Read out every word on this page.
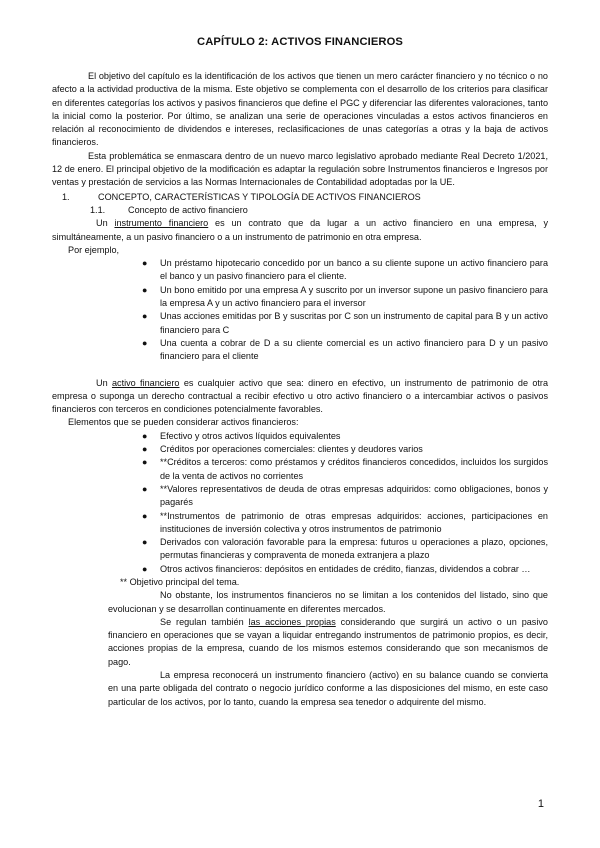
CAPÍTULO 2: ACTIVOS FINANCIEROS

El objetivo del capítulo es la identificación de los activos que tienen un mero carácter financiero y no técnico o no afecto a la actividad productiva de la misma. Este objetivo se complementa con el desarrollo de los criterios para clasificar en diferentes categorías los activos y pasivos financieros que define el PGC y diferenciar las diferentes valoraciones, tanto la inicial como la posterior. Por último, se analizan una serie de operaciones vinculadas a estos activos financieros en relación al reconocimiento de dividendos e intereses, reclasificaciones de unas categorías a otras y la baja de activos financieros.

Esta problemática se enmascara dentro de un nuevo marco legislativo aprobado mediante Real Decreto 1/2021, 12 de enero. El principal objetivo de la modificación es adaptar la regulación sobre Instrumentos financieros e Ingresos por ventas y prestación de servicios a las Normas Internacionales de Contabilidad adoptadas por la UE.

1.	CONCEPTO, CARACTERÍSTICAS Y TIPOLOGÍA DE ACTIVOS FINANCIEROS
1.1.	Concepto de activo financiero

Un instrumento financiero es un contrato que da lugar a un activo financiero en una empresa, y simultáneamente, a un pasivo financiero o a un instrumento de patrimonio en otra empresa.

Por ejemplo,

● Un préstamo hipotecario concedido por un banco a su cliente supone un activo financiero para el banco y un pasivo financiero para el cliente.
● Un bono emitido por una empresa A y suscrito por un inversor supone un pasivo financiero para la empresa A y un activo financiero para el inversor
● Unas acciones emitidas por B y suscritas por C son un instrumento de capital para B y un activo financiero para C
● Una cuenta a cobrar de D a su cliente comercial es un activo financiero para D y un pasivo financiero para el cliente

Un activo financiero es cualquier activo que sea: dinero en efectivo, un instrumento de patrimonio de otra empresa o suponga un derecho contractual a recibir efectivo u otro activo financiero o a intercambiar activos o pasivos financieros con terceros en condiciones potencialmente favorables.

Elementos que se pueden considerar activos financieros:

● Efectivo y otros activos líquidos equivalentes
● Créditos por operaciones comerciales: clientes y deudores varios
● **Créditos a terceros: como préstamos y créditos financieros concedidos, incluidos los surgidos de la venta de activos no corrientes
● **Valores representativos de deuda de otras empresas adquiridos: como obligaciones, bonos y pagarés
● **Instrumentos de patrimonio de otras empresas adquiridos: acciones, participaciones en instituciones de inversión colectiva y otros instrumentos de patrimonio
● Derivados con valoración favorable para la empresa: futuros u operaciones a plazo, opciones, permutas financieras y compraventa de moneda extranjera a plazo
● Otros activos financieros: depósitos en entidades de crédito, fianzas, dividendos a cobrar …

** Objetivo principal del tema.

No obstante, los instrumentos financieros no se limitan a los contenidos del listado, sino que evolucionan y se desarrollan continuamente en diferentes mercados.

Se regulan también las acciones propias considerando que surgirá un activo o un pasivo financiero en operaciones que se vayan a liquidar entregando instrumentos de patrimonio propios, es decir, acciones propias de la empresa, cuando de los mismos estemos considerando que son mecanismos de pago.

La empresa reconocerá un instrumento financiero (activo) en su balance cuando se convierta en una parte obligada del contrato o negocio jurídico conforme a las disposiciones del mismo, en este caso particular de los activos, por lo tanto, cuando la empresa sea tenedor o adquirente del mismo.

1
